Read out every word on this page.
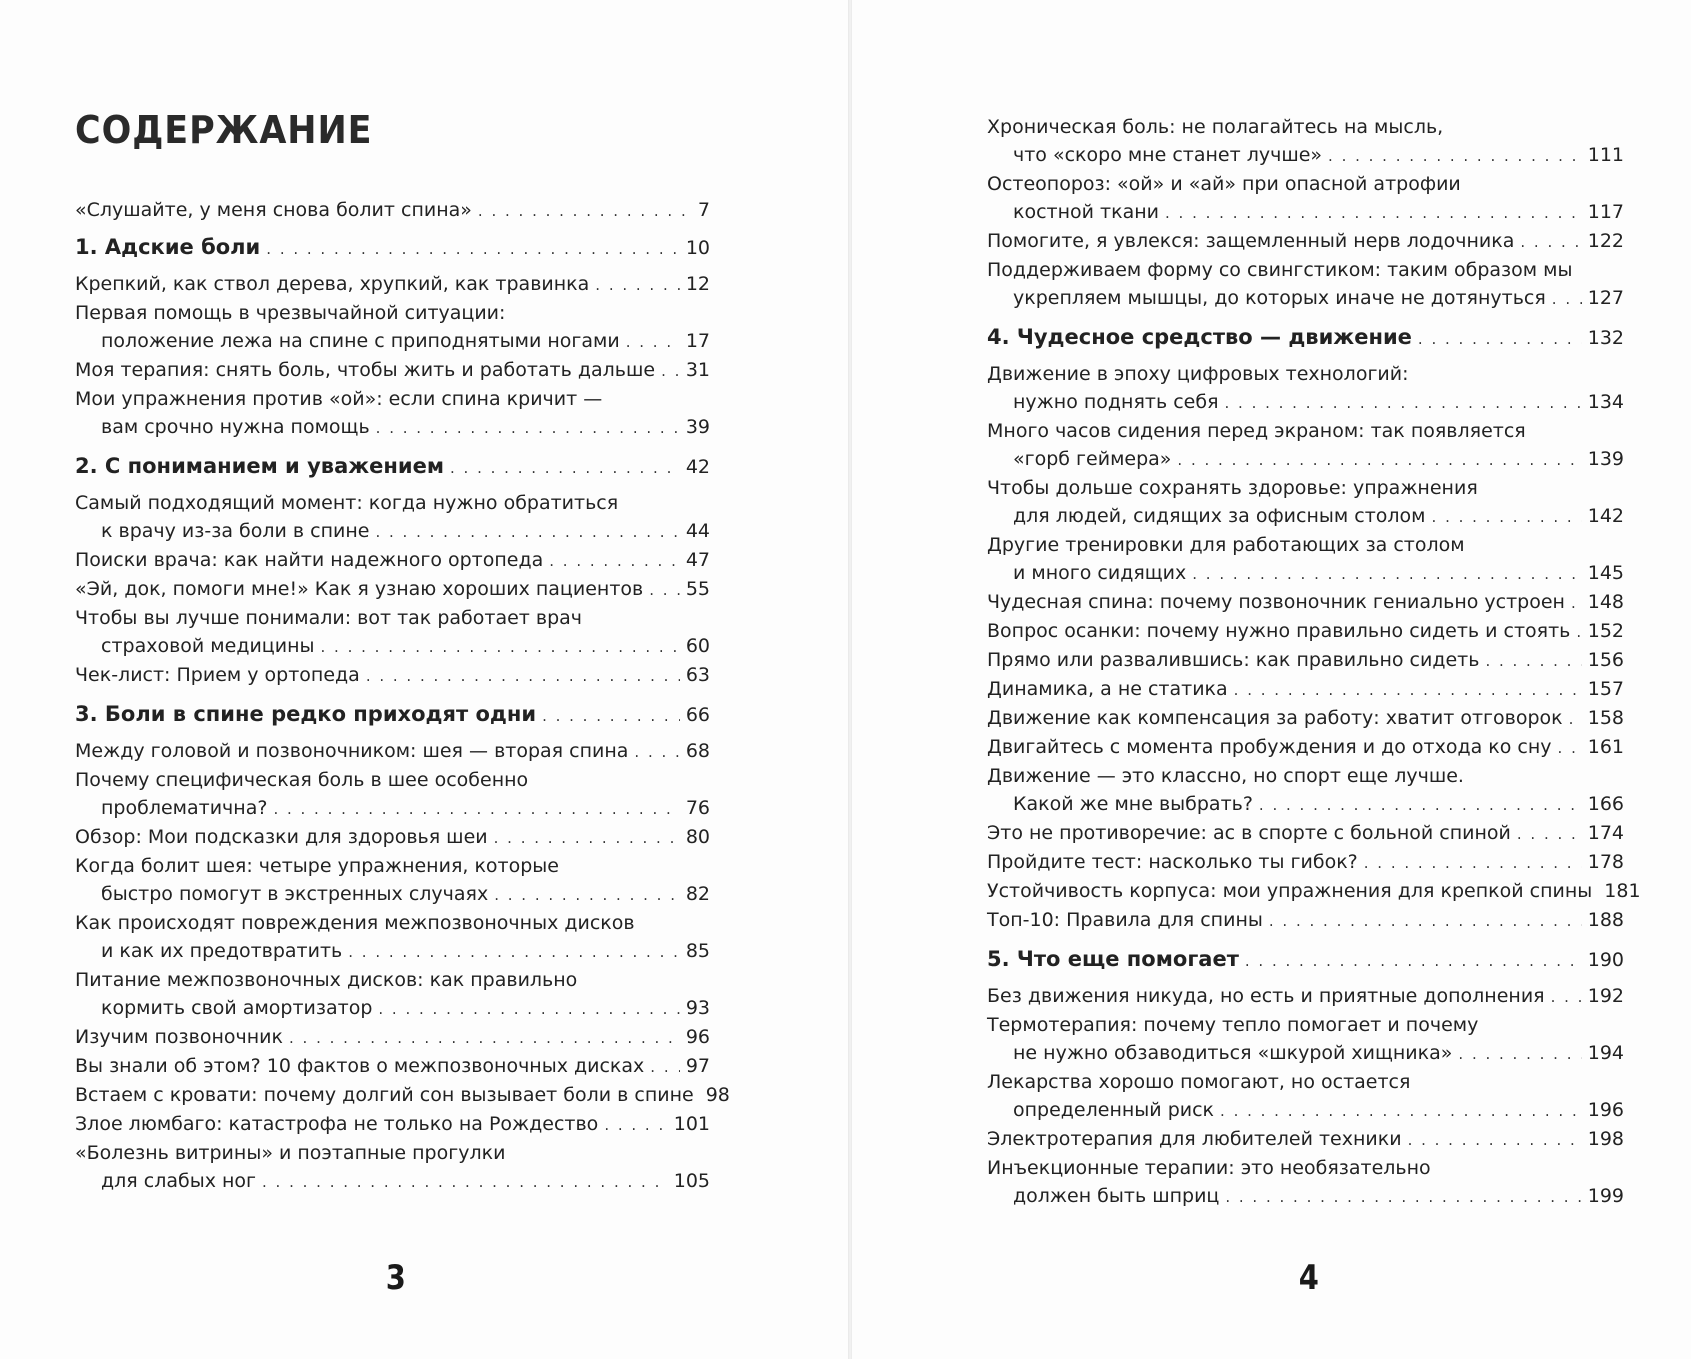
СОДЕРЖАНИЕ
«Слушайте, у меня снова болит спина» . . .	7
1. Адские боли . . .	10
Крепкий, как ствол дерева, хрупкий, как травинка . . .	12
Первая помощь в чрезвычайной ситуации:
положение лежа на спине с приподнятыми ногами . . .	17
Моя терапия: снять боль, чтобы жить и работать дальше . . . 31
Мои упражнения против «ой»: если спина кричит —
вам срочно нужна помощь . . .	39
2. С пониманием и уважением . . .	42
Самый подходящий момент: когда нужно обратиться
к врачу из-за боли в спине . . .	44
Поиски врача: как найти надежного ортопеда . . .	47
«Эй, док, помоги мне!» Как я узнаю хороших пациентов . . . 55
Чтобы вы лучше понимали: вот так работает врач
страховой медицины . . .	60
Чек-лист: Прием у ортопеда . . .	63
3. Боли в спине редко приходят одни . . .	66
Между головой и позвоночником: шея — вторая спина . . .	68
Почему специфическая боль в шее особенно
проблематична? . . .	76
Обзор: Мои подсказки для здоровья шеи . . .	80
Когда болит шея: четыре упражнения, которые
быстро помогут в экстренных случаях . . .	82
Как происходят повреждения межпозвоночных дисков
и как их предотвратить . . .	85
Питание межпозвоночных дисков: как правильно
кормить свой амортизатор . . .	93
Изучим позвоночник . . .	96
Вы знали об этом? 10 фактов о межпозвоночных дисках . . . 97
Встаем с кровати: почему долгий сон вызывает боли в спине 98
Злое люмбаго: катастрофа не только на Рождество . . .	101
«Болезнь витрины» и поэтапные прогулки
для слабых ног . . .	105
Хроническая боль: не полагайтесь на мысль,
что «скоро мне станет лучше» . . .	111
Остеопороз: «ой» и «ай» при опасной атрофии
костной ткани . . .	117
Помогите, я увлекся: защемленный нерв лодочника . . .	122
Поддерживаем форму со свингстиком: таким образом мы
укрепляем мышцы, до которых иначе не дотянуться . . . 127
4. Чудесное средство — движение . . .	132
Движение в эпоху цифровых технологий:
нужно поднять себя . . .	134
Много часов сидения перед экраном: так появляется
«горб геймера» . . .	139
Чтобы дольше сохранять здоровье: упражнения
для людей, сидящих за офисным столом . . .	142
Другие тренировки для работающих за столом
и много сидящих . . .	145
Чудесная спина: почему позвоночник гениально устроен . . . 148
Вопрос осанки: почему нужно правильно сидеть и стоять . . . 152
Прямо или развалившись: как правильно сидеть . . .	156
Динамика, а не статика . . .	157
Движение как компенсация за работу: хватит отговорок . . . 158
Двигайтесь с момента пробуждения и до отхода ко сну . . . 161
Движение — это классно, но спорт еще лучше.
Какой же мне выбрать? . . .	166
Это не противоречие: ас в спорте с больной спиной . . .	174
Пройдите тест: насколько ты гибок? . . .	178
Устойчивость корпуса: мои упражнения для крепкой спины 181
Топ-10: Правила для спины . . .	188
5. Что еще помогает . . .	190
Без движения никуда, но есть и приятные дополнения . . . 192
Термотерапия: почему тепло помогает и почему
не нужно обзаводиться «шкурой хищника» . . .	194
Лекарства хорошо помогают, но остается
определенный риск . . .	196
Электротерапия для любителей техники . . .	198
Инъекционные терапии: это необязательно
должен быть шприц . . .	199
3	4
